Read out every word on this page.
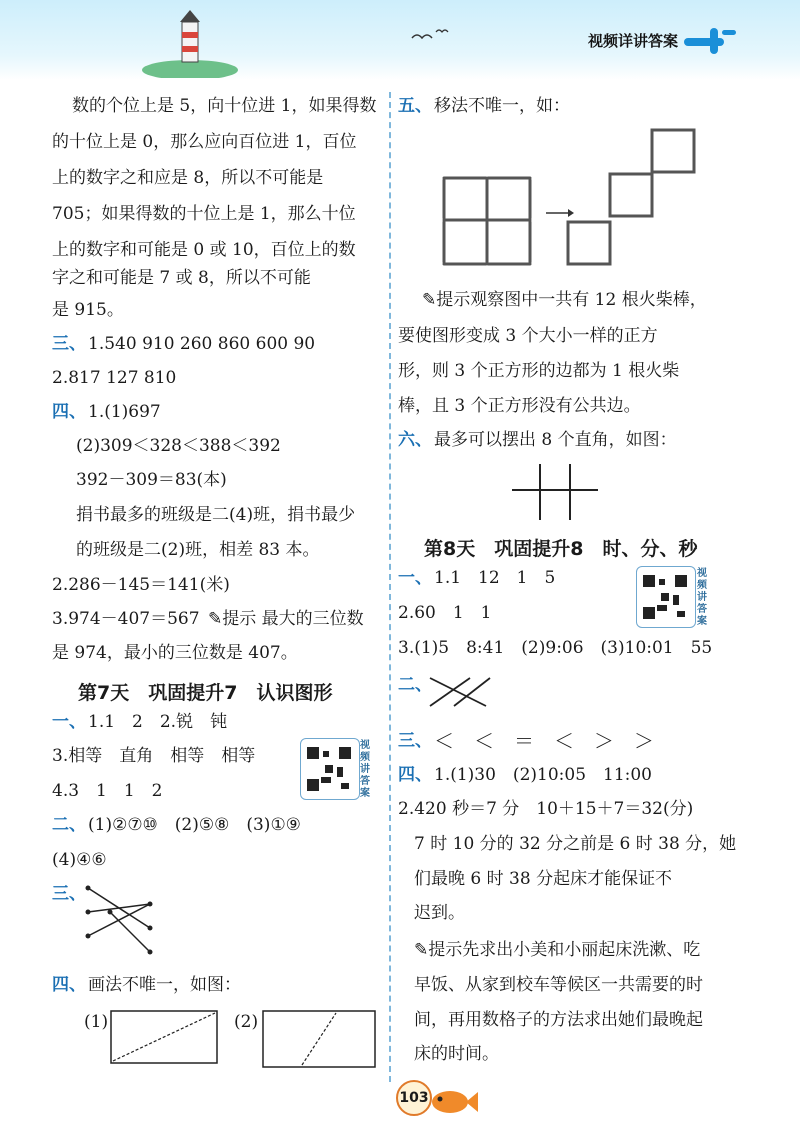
视频详讲答案
数的个位上是 5，向十位进 1，如果得数
的十位上是 0，那么应向百位进 1，百位
上的数字之和应是 8，所以不可能是
705；如果得数的十位上是 1，那么十位
上的数字和可能是 0 或 10，百位上的数
字之和可能是 7 或 8，所以不可能
是 915。
三、 1.540 910 260 860 600 90
2.817 127 810
四、 1.(1)697
(2)309＜328＜388＜392
392－309＝83(本)
捐书最多的班级是二(4)班，捐书最少
的班级是二(2)班，相差 83 本。
2.286－145＝141(米)
3.974－407＝567 ✎提示 最大的三位数
是 974，最小的三位数是 407。
第7天　巩固提升7　认识图形
一、 1.1　2　2.锐　钝
3.相等　直角　相等　相等
4.3　1　1　2
视频讲答案
二、 (1)②⑦⑩　(2)⑤⑧　(3)①⑨
(4)④⑥
三、
四、 画法不唯一，如图：
(1)	(2)
五、 移法不唯一，如：
✎提示观察图中一共有 12 根火柴棒，
要使图形变成 3 个大小一样的正方
形，则 3 个正方形的边都为 1 根火柴
棒，且 3 个正方形没有公共边。
六、 最多可以摆出 8 个直角，如图：
第8天　巩固提升8　时、分、秒
一、 1.1　12　1　5
2.60　1　1
3.(1)5　8:41　(2)9:06　(3)10:01　55
视频讲答案
二、
三、 ＜　＜　＝　＜　＞　＞
四、 1.(1)30　(2)10:05　11:00
2.420 秒＝7 分　10＋15＋7＝32(分)
7 时 10 分的 32 分之前是 6 时 38 分，她
们最晚 6 时 38 分起床才能保证不
迟到。
✎提示先求出小美和小丽起床洗漱、吃
早饭、从家到校车等候区一共需要的时
间，再用数格子的方法求出她们最晚起
床的时间。
103
